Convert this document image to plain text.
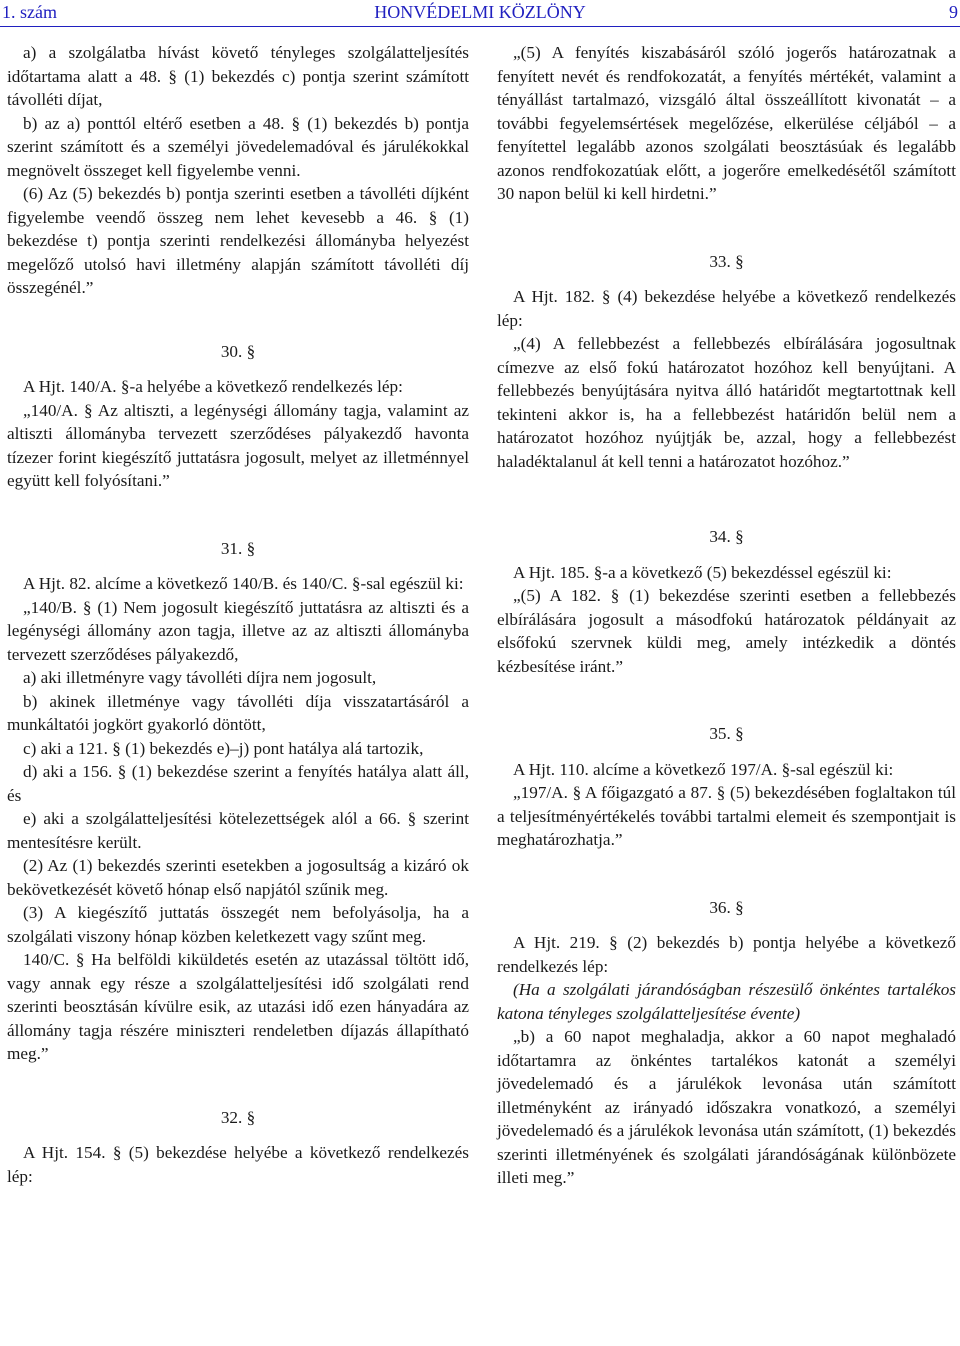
1. szám	HONVÉDELMI KÖZLÖNY	9

a) a szolgálatba hívást követő tényleges szolgálatteljesítés időtartama alatt a 48. § (1) bekezdés c) pontja szerint számított távolléti díjat,

b) az a) ponttól eltérő esetben a 48. § (1) bekezdés b) pontja szerint számított és a személyi jövedelemadóval és járulékokkal megnövelt összeget kell figyelembe venni.

(6) Az (5) bekezdés b) pontja szerinti esetben a távolléti díjként figyelembe veendő összeg nem lehet kevesebb a 46. § (1) bekezdése t) pontja szerinti rendelkezési állományba helyezést megelőző utolsó havi illetmény alapján számított távolléti díj összegénél.”

30. §

A Hjt. 140/A. §-a helyébe a következő rendelkezés lép:

„140/A. § Az altiszti, a legénységi állomány tagja, valamint az altiszti állományba tervezett szerződéses pályakezdő havonta tízezer forint kiegészítő juttatásra jogosult, melyet az illetménnyel együtt kell folyósítani.”

31. §

A Hjt. 82. alcíme a következő 140/B. és 140/C. §-sal egészül ki:

„140/B. § (1) Nem jogosult kiegészítő juttatásra az altiszti és a legénységi állomány azon tagja, illetve az az altiszti állományba tervezett szerződéses pályakezdő,

a) aki illetményre vagy távolléti díjra nem jogosult,

b) akinek illetménye vagy távolléti díja visszatartásáról a munkáltatói jogkört gyakorló döntött,

c) aki a 121. § (1) bekezdés e)–j) pont hatálya alá tartozik,

d) aki a 156. § (1) bekezdése szerint a fenyítés hatálya alatt áll, és

e) aki a szolgálatteljesítési kötelezettségek alól a 66. § szerint mentesítésre került.

(2) Az (1) bekezdés szerinti esetekben a jogosultság a kizáró ok bekövetkezését követő hónap első napjától szűnik meg.

(3) A kiegészítő juttatás összegét nem befolyásolja, ha a szolgálati viszony hónap közben keletkezett vagy szűnt meg.

140/C. § Ha belföldi kiküldetés esetén az utazással töltött idő, vagy annak egy része a szolgálatteljesítési idő szolgálati rend szerinti beosztásán kívülre esik, az utazási idő ezen hányadára az állomány tagja részére miniszteri rendeletben díjazás állapítható meg.”

32. §

A Hjt. 154. § (5) bekezdése helyébe a következő rendelkezés lép:

„(5) A fenyítés kiszabásáról szóló jogerős határozatnak a fenyített nevét és rendfokozatát, a fenyítés mértékét, valamint a tényállást tartalmazó, vizsgáló által összeállított kivonatát – a további fegyelemsértések megelőzése, elkerülése céljából – a fenyítettel legalább azonos szolgálati beosztásúak és legalább azonos rendfokozatúak előtt, a jogerőre emelkedésétől számított 30 napon belül ki kell hirdetni.”

33. §

A Hjt. 182. § (4) bekezdése helyébe a következő rendelkezés lép:

„(4) A fellebbezést a fellebbezés elbírálására jogosultnak címezve az első fokú határozatot hozóhoz kell benyújtani. A fellebbezés benyújtására nyitva álló határidőt megtartottnak kell tekinteni akkor is, ha a fellebbezést határidőn belül nem a határozatot hozóhoz nyújtják be, azzal, hogy a fellebbezést haladéktalanul át kell tenni a határozatot hozóhoz.”

34. §

A Hjt. 185. §-a a következő (5) bekezdéssel egészül ki:

„(5) A 182. § (1) bekezdése szerinti esetben a fellebbezés elbírálására jogosult a másodfokú határozatok példányait az elsőfokú szervnek küldi meg, amely intézkedik a döntés kézbesítése iránt.”

35. §

A Hjt. 110. alcíme a következő 197/A. §-sal egészül ki:

„197/A. § A főigazgató a 87. § (5) bekezdésében foglaltakon túl a teljesítményértékelés további tartalmi elemeit és szempontjait is meghatározhatja.”

36. §

A Hjt. 219. § (2) bekezdés b) pontja helyébe a következő rendelkezés lép:

(Ha a szolgálati járandóságban részesülő önkéntes tartalékos katona tényleges szolgálatteljesítése évente)

„b) a 60 napot meghaladja, akkor a 60 napot meghaladó időtartamra az önkéntes tartalékos katonát a személyi jövedelemadó és a járulékok levonása után számított illetményként az irányadó időszakra vonatkozó, a személyi jövedelemadó és a járulékok levonása után számított, (1) bekezdés szerinti illetményének és szolgálati járandóságának különbözete illeti meg.”
